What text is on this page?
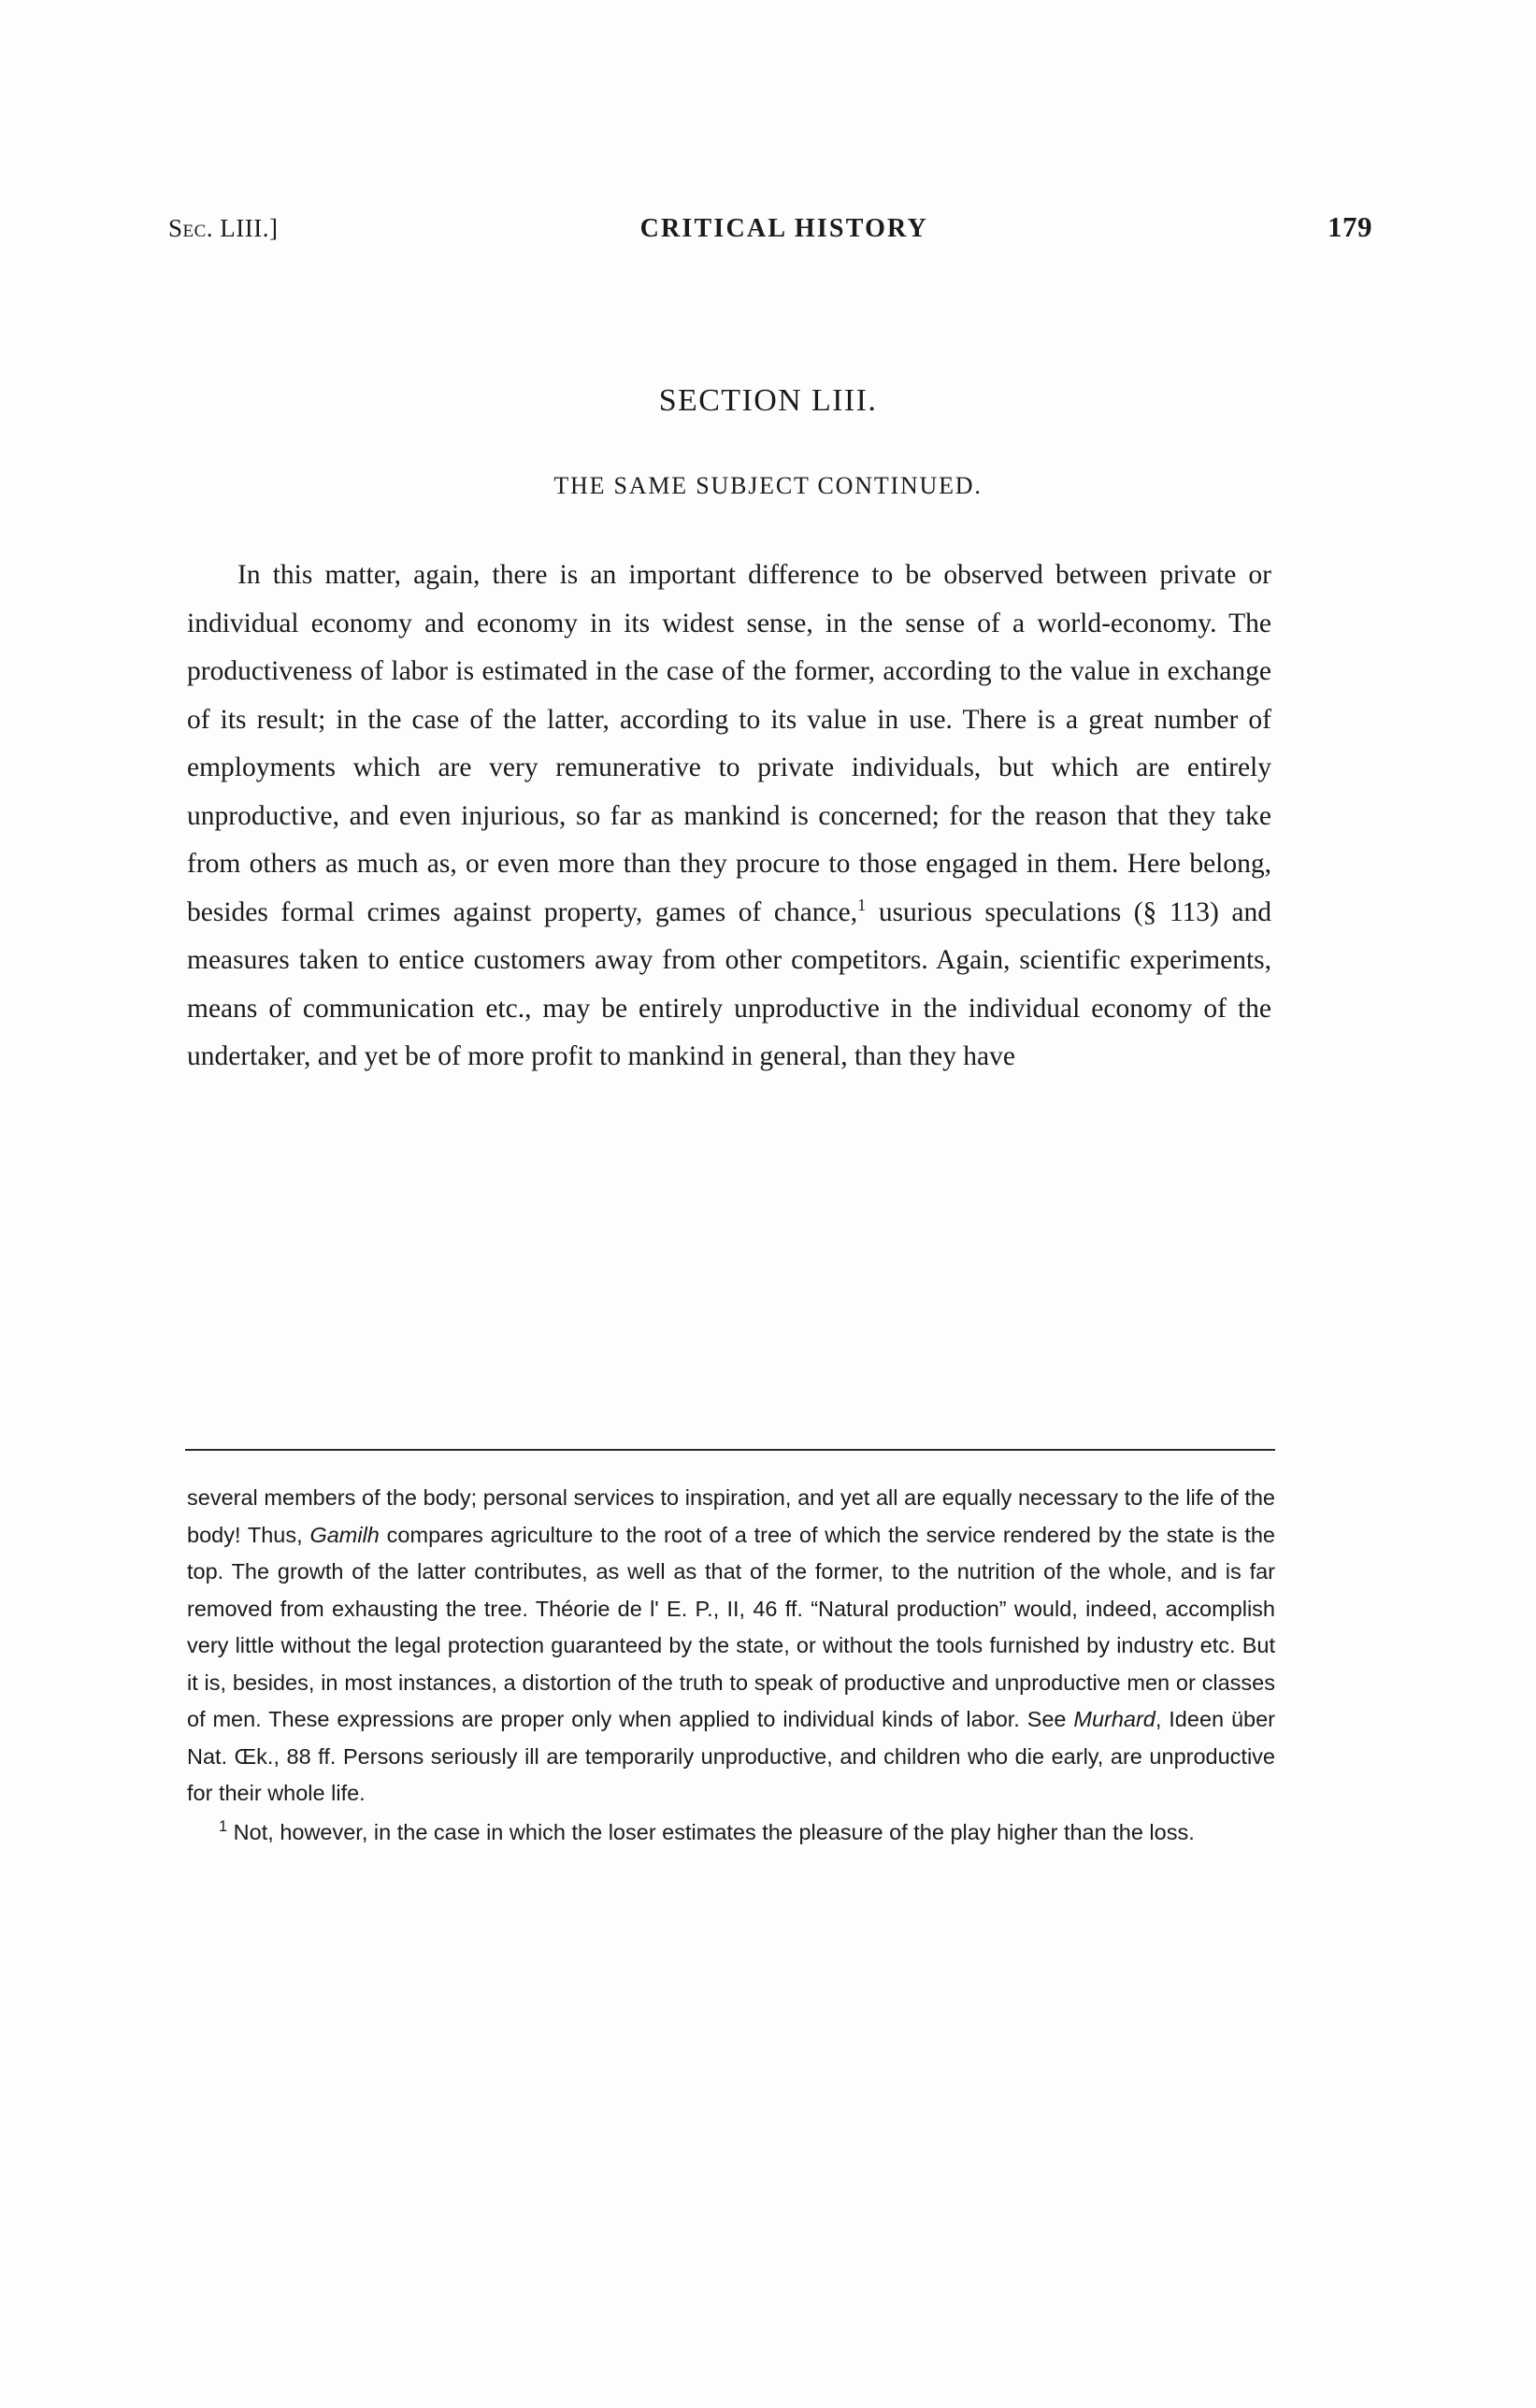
Sec. LIII.]	CRITICAL HISTORY	179
SECTION LIII.
THE SAME SUBJECT CONTINUED.

In this matter, again, there is an important difference to be observed between private or individual economy and economy in its widest sense, in the sense of a world-economy. The productiveness of labor is estimated in the case of the former, according to the value in exchange of its result; in the case of the latter, according to its value in use. There is a great number of employments which are very remunerative to private individuals, but which are entirely unproductive, and even injurious, so far as mankind is concerned; for the reason that they take from others as much as, or even more than they procure to those engaged in them. Here belong, besides formal crimes against property, games of chance,$^1$ usurious speculations (§ 113) and measures taken to entice customers away from other competitors. Again, scientific experiments, means of communication etc., may be entirely unproductive in the individual economy of the undertaker, and yet be of more profit to mankind in general, than they have

several members of the body; personal services to inspiration, and yet all are equally necessary to the life of the body! Thus, Gamilh compares agriculture to the root of a tree of which the service rendered by the state is the top. The growth of the latter contributes, as well as that of the former, to the nutrition of the whole, and is far removed from exhausting the tree. Théorie de l' E. P., II, 46 ff. “Natural production” would, indeed, accomplish very little without the legal protection guaranteed by the state, or without the tools furnished by industry etc. But it is, besides, in most instances, a distortion of the truth to speak of productive and unproductive men or classes of men. These expressions are proper only when applied to individual kinds of labor. See Murhard, Ideen über Nat. Œk., 88 ff. Persons seriously ill are temporarily unproductive, and children who die early, are unproductive for their whole life.

$^1$ Not, however, in the case in which the loser estimates the pleasure of the play higher than the loss.
